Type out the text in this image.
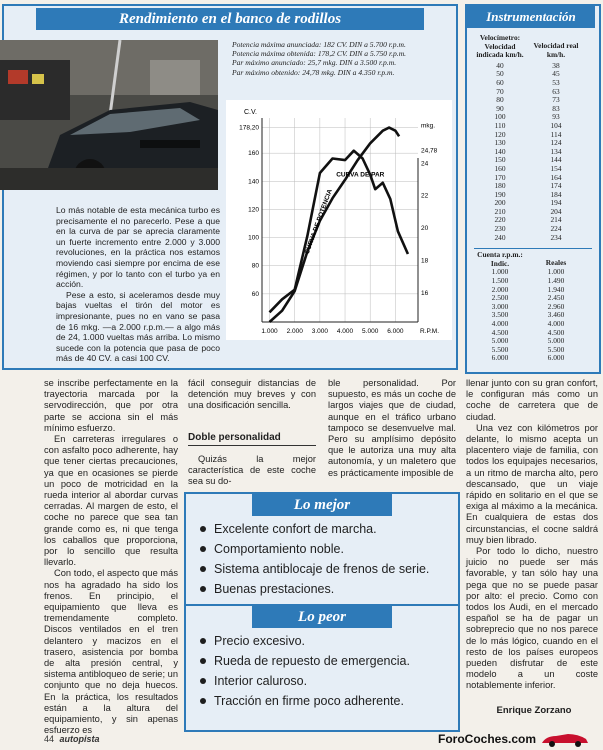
Rendimiento en el banco de rodillos
Potencia máxima anunciada: 182 CV. DIN a 5.700 r.p.m.
Potencia máxima obtenida: 178,2 CV. DIN a 5.750 r.p.m.
Par máximo anunciado: 25,7 mkg. DIN a 3.500 r.p.m.
Par máximo obtenido: 24,78 mkg. DIN a 4.350 r.p.m.

Lo más notable de esta mecánica turbo es precisamente el no parecerlo. Pese a que en la curva de par se aprecia claramente un fuerte incremento entre 2.000 y 3.000 revoluciones, en la práctica nos estamos moviendo casi siempre por encima de ese régimen, y por lo tanto con el turbo ya en acción.

Pese a esto, si aceleramos desde muy bajas vueltas el tirón del motor es impresionante, pues no en vano se pasa de 16 mkg. —a 2.000 r.p.m.— a algo más de 24, 1.000 vueltas más arriba. Lo mismo sucede con la potencia que pasa de poco más de 40 CV. a casi 100 CV.

1.000 2.000 3.000 4.000 5.000 6.000
178,20
160
140
120
100
80
60
24,78
24
22
20
18
16
C.V.
mkg.
R.P.M.
CURVA DE POTENCIA
CURVA DE PAR
Instrumentación
Velocímetro: Velocidad indicada km/h.
Velocidad real km/h.
40	38
50	45
60	53
70	63
80	73
90	83
100	93
110	104
120	114
130	124
140	134
150	144
160	154
170	164
180	174
190	184
200	194
210	204
220	214
230	224
240	234
Cuenta r.p.m.: Indic.	Reales
1.000	1.000
1.500	1.490
2.000	1.940
2.500	2.450
3.000	2.960
3.500	3.460
4.000	4.000
4.500	4.500
5.000	5.000
5.500	5.500
6.000	6.000

se inscribe perfectamente en la trayectoria marcada por la servodirección, que por otra parte se acciona sin el más mínimo esfuerzo.

En carreteras irregulares o con asfalto poco adherente, hay que tener ciertas precauciones, ya que en ocasiones se pierde un poco de motricidad en la rueda interior al abordar curvas cerradas. Al margen de esto, el coche no parece que sea tan grande como es, ni que tenga los caballos que proporciona, por lo sencillo que resulta llevarlo.

Con todo, el aspecto que más nos ha agradado ha sido los frenos. En principio, el equipamiento que lleva es tremendamente completo. Discos ventilados en el tren delantero y macizos en el trasero, asistencia por bomba de alta presión central, y sistema antibloqueo de serie; un conjunto que no deja huecos. En la práctica, los resultados están a la altura del equipamiento, y sin apenas esfuerzo es

fácil conseguir distancias de detención muy breves y con una dosificación sencilla.

Doble personalidad

Quizás la mejor característica de este coche sea su do-

ble personalidad. Por supuesto, es más un coche de largos viajes que de ciudad, aunque en el tráfico urbano tampoco se desenvuelve mal. Pero su amplísimo depósito que le autoriza una muy alta autonomía, y un maletero que es prácticamente imposible de

llenar junto con su gran confort, le configuran más como un coche de carretera que de ciudad.

Una vez con kilómetros por delante, lo mismo acepta un placentero viaje de familia, con todos los equipajes necesarios, a un ritmo de marcha alto, pero descansado, que un viaje rápido en solitario en el que se exiga al máximo a la mecánica. En cualquiera de estas dos circunstancias, el cocne saldrá muy bien librado.

Por todo lo dicho, nuestro juicio no puede ser más favorable, y tan sólo hay una pega que no se puede pasar por alto: el precio. Como con todos los Audi, en el mercado español se ha de pagar un sobreprecio que no nos parece de lo más lógico, cuando en el resto de los países europeos pueden disfrutar de este modelo a un coste notablemente inferior.

Enrique Zorzano
Lo mejor
Excelente confort de marcha.
Comportamiento noble.
Sistema antiblocaje de frenos de serie.
Buenas prestaciones.
Lo peor
Precio excesivo.
Rueda de repuesto de emergencia.
Interior caluroso.
Tracción en firme poco adherente.
44 autopista	ForoCoches.com
